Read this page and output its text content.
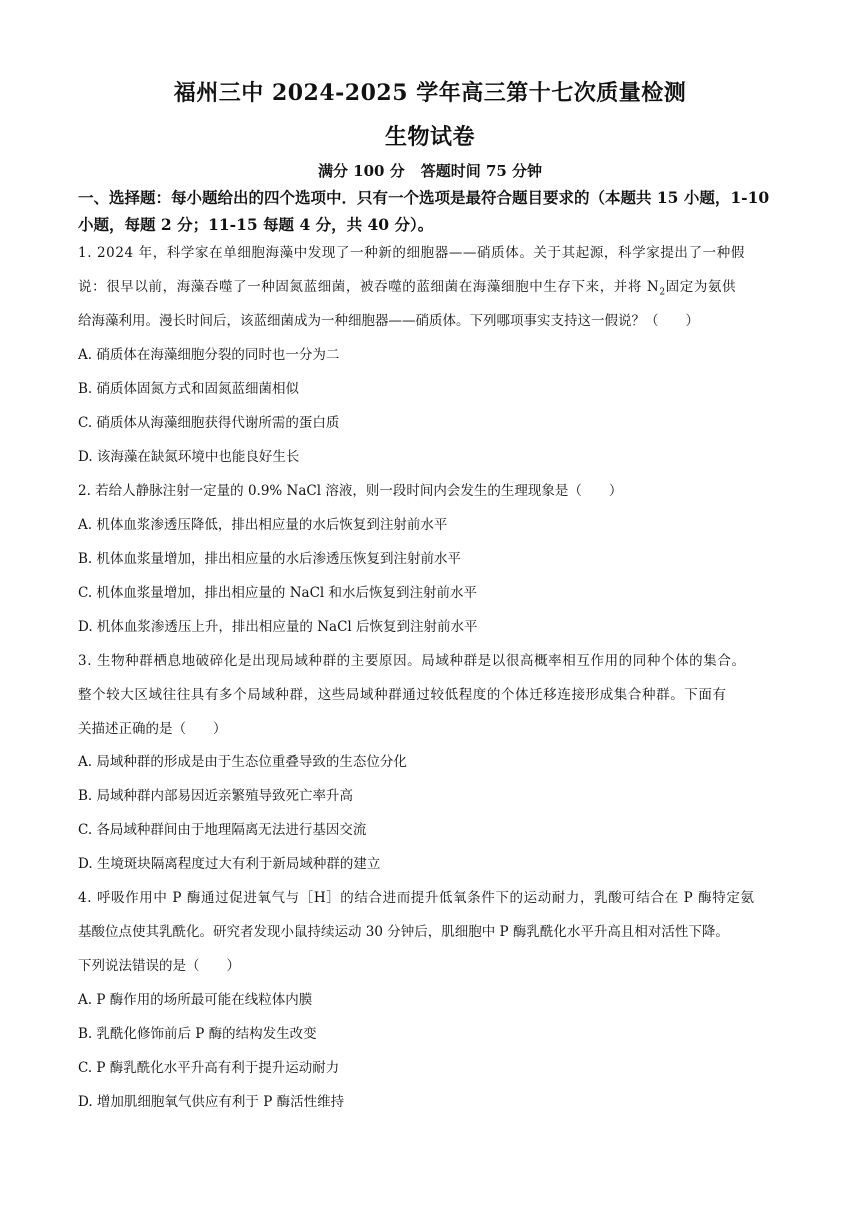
福州三中 2024-2025 学年高三第十七次质量检测
生物试卷
满分 100 分 答题时间 75 分钟
一、选择题：每小题给出的四个选项中．只有一个选项是最符合题目要求的（本题共 15 小题，1-10 小题，每题 2 分；11-15 每题 4 分，共 40 分）。
1. 2024 年，科学家在单细胞海藻中发现了一种新的细胞器——硝质体。关于其起源，科学家提出了一种假
说：很早以前，海藻吞噬了一种固氮蓝细菌，被吞噬的蓝细菌在海藻细胞中生存下来，并将 $N_2$固定为氨供
给海藻利用。漫长时间后，该蓝细菌成为一种细胞器——硝质体。下列哪项事实支持这一假说？（　　）
A. 硝质体在海藻细胞分裂的同时也一分为二
B. 硝质体固氮方式和固氮蓝细菌相似
C. 硝质体从海藻细胞获得代谢所需的蛋白质
D. 该海藻在缺氮环境中也能良好生长
2. 若给人静脉注射一定量的 0.9% NaCl 溶液，则一段时间内会发生的生理现象是（　　）
A. 机体血浆渗透压降低，排出相应量的水后恢复到注射前水平
B. 机体血浆量增加，排出相应量的水后渗透压恢复到注射前水平
C. 机体血浆量增加，排出相应量的 NaCl 和水后恢复到注射前水平
D. 机体血浆渗透压上升，排出相应量的 NaCl 后恢复到注射前水平
3. 生物种群栖息地破碎化是出现局域种群的主要原因。局域种群是以很高概率相互作用的同种个体的集合。
整个较大区域往往具有多个局域种群，这些局域种群通过较低程度的个体迁移连接形成集合种群。下面有
关描述正确的是（　　）
A. 局域种群的形成是由于生态位重叠导致的生态位分化
B. 局域种群内部易因近亲繁殖导致死亡率升高
C. 各局域种群间由于地理隔离无法进行基因交流
D. 生境斑块隔离程度过大有利于新局域种群的建立
4. 呼吸作用中 P 酶通过促进氧气与［H］的结合进而提升低氧条件下的运动耐力，乳酸可结合在 P 酶特定氨
基酸位点使其乳酰化。研究者发现小鼠持续运动 30 分钟后，肌细胞中 P 酶乳酰化水平升高且相对活性下降。
下列说法错误的是（　　）
A. P 酶作用的场所最可能在线粒体内膜
B. 乳酰化修饰前后 P 酶的结构发生改变
C. P 酶乳酰化水平升高有利于提升运动耐力
D. 增加肌细胞氧气供应有利于 P 酶活性维持
